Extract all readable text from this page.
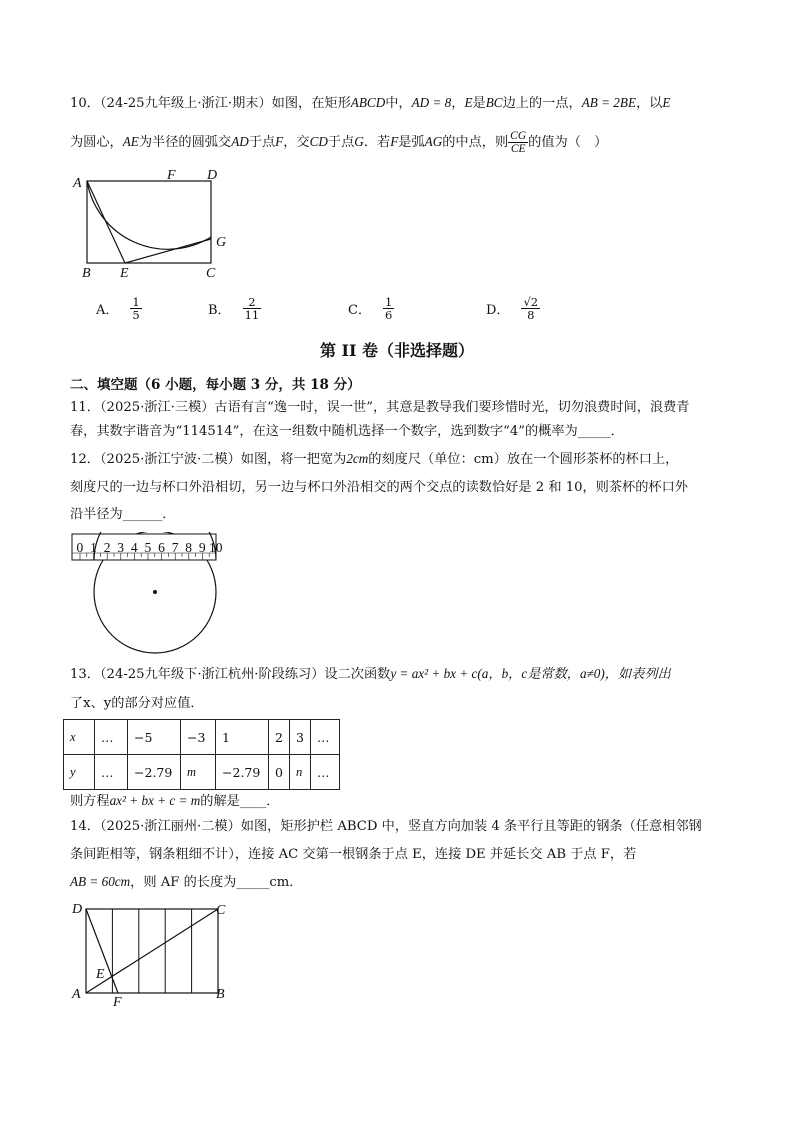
10．（24-25九年级上·浙江·期末）如图，在矩形ABCD中，AD = 8，E是BC边上的一点，AB = 2BE，以E
为圆心，AE为半径的圆弧交AD于点F，交CD于点G．若F是弧AG的中点，则 $\frac{CG}{CE}$ 的值为（　）
A
F D
G
B E	C
A． $\frac{1}{5}$	B． $\frac{2}{11}$	C． $\frac{1}{6}$	D． $\frac{√2}{8}$
第 II 卷（非选择题）
二、填空题（6 小题，每小题 3 分，共 18 分）
11．（2025·浙江·三模）古语有言“逸一时，误一世”，其意是教导我们要珍惜时光，切勿浪费时间，浪费青
春，其数字谐音为“114514”，在这一组数中随机选择一个数字，选到数字“4”的概率为_____．
12．（2025·浙江宁波·二模）如图，将一把宽为2cm的刻度尺（单位：cm）放在一个圆形茶杯的杯口上，
刻度尺的一边与杯口外沿相切，另一边与杯口外沿相交的两个交点的读数恰好是 2 和 10，则茶杯的杯口外
沿半径为______．
0 1 2 3 4 5 6 7 8 9 10
13．（24-25九年级下·浙江杭州·阶段练习）设二次函数y = ax² + bx + c(a，b，c是常数，a≠0)，如表列出
了x、y的部分对应值．
x	…	−5	−3	1	2	3	…
y	…	−2.79	m	−2.79	0	n	…
则方程ax² + bx + c = m的解是____．
14．（2025·浙江丽州·二模）如图，矩形护栏 ABCD 中，竖直方向加装 4 条平行且等距的钢条（任意相邻钢
条间距相等，钢条粗细不计），连接 AC 交第一根钢条于点 E，连接 DE 并延长交 AB 于点 F，若
AB = 60cm，则 AF 的长度为_____cm．
D	C
E
A
F
B
